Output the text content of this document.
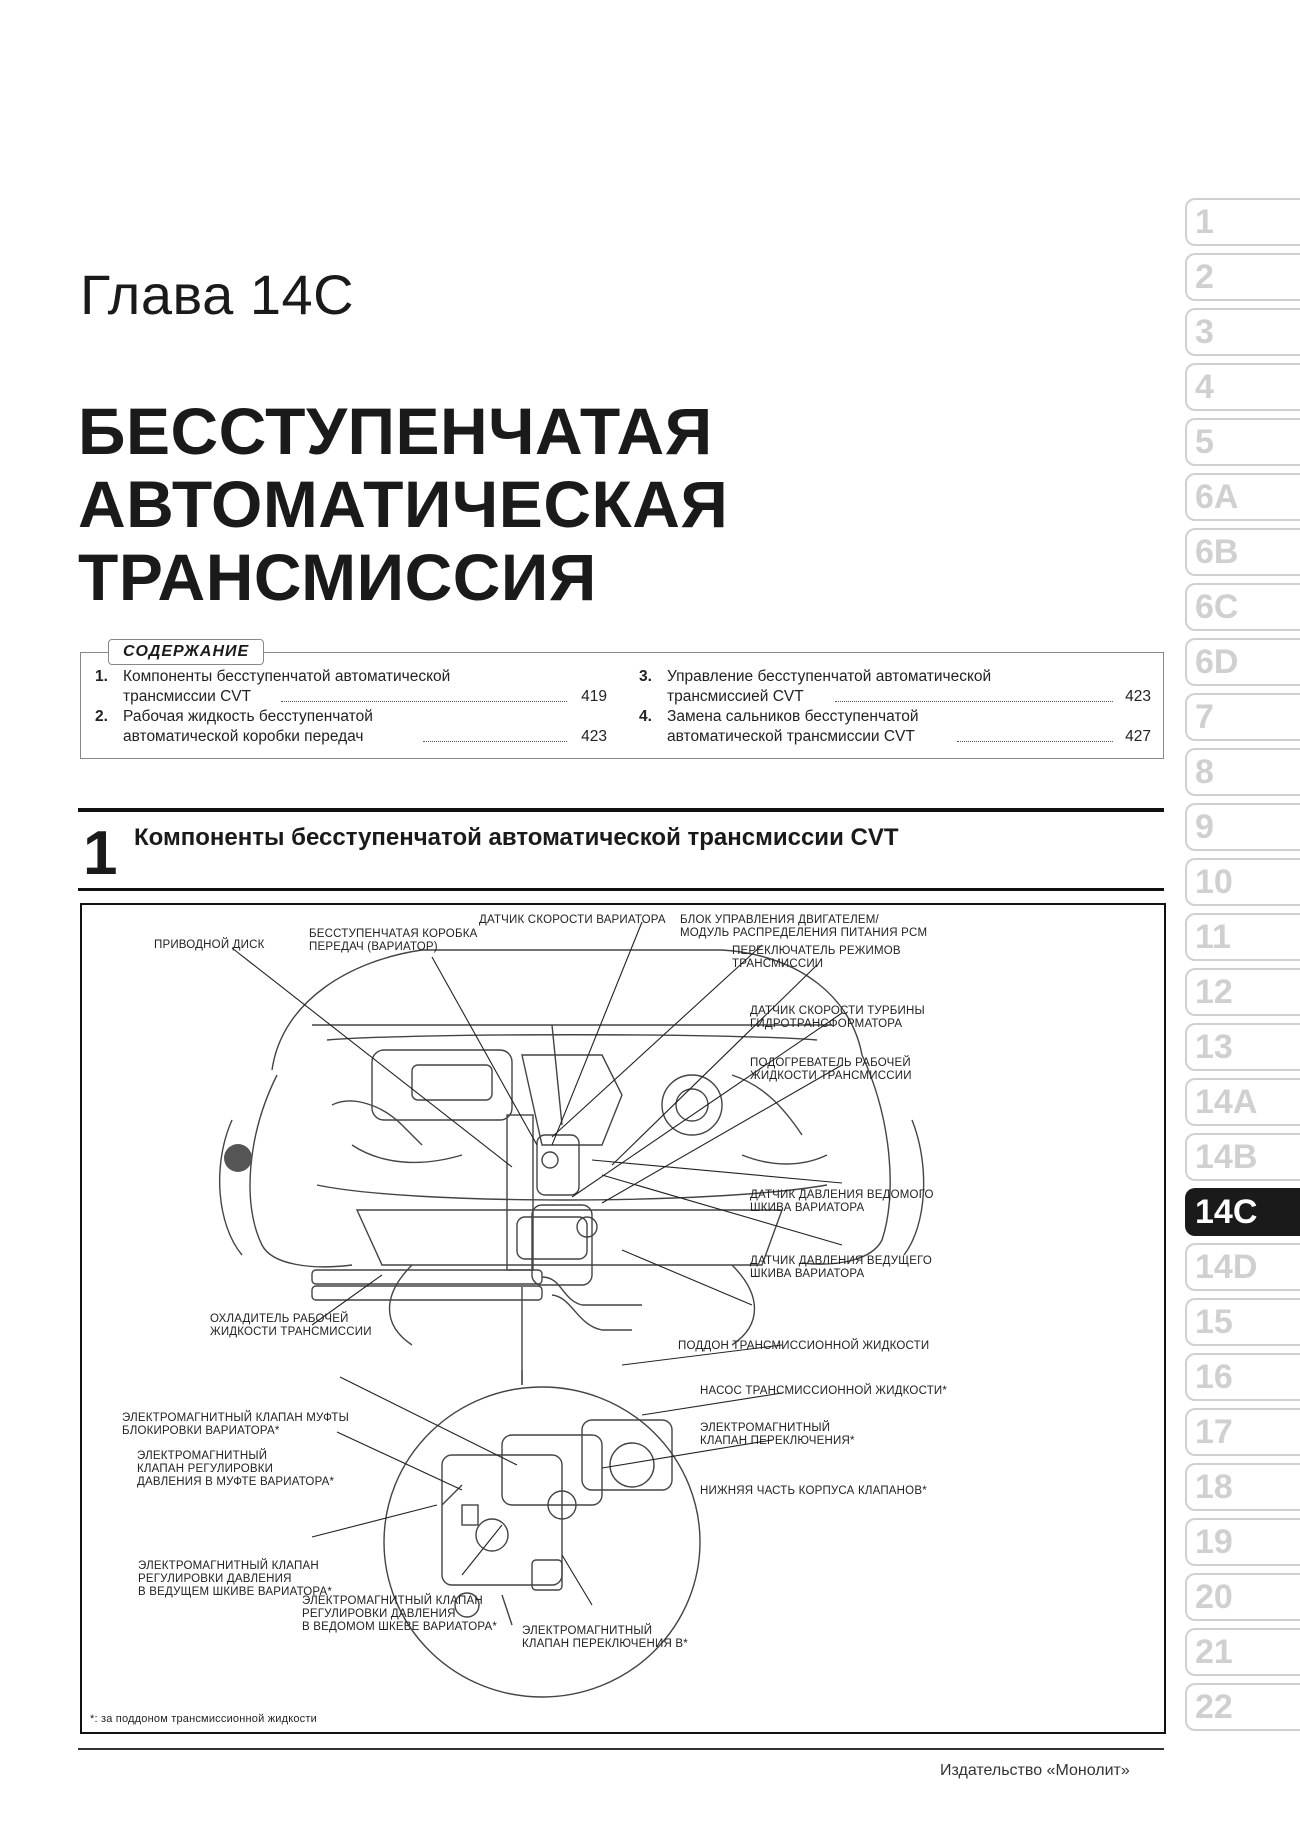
Глава 14C
БЕССТУПЕНЧАТАЯ
АВТОМАТИЧЕСКАЯ
ТРАНСМИССИЯ
1. Компоненты бесступенчатой автоматической
трансмиссии CVT	419
2. Рабочая жидкость бесступенчатой
автоматической коробки передач	423
3. Управление бесступенчатой автоматической
трансмиссией CVT	423
4. Замена сальников бесступенчатой
автоматической трансмиссии CVT	427
СОДЕРЖАНИЕ
1 Компоненты бесступенчатой автоматической трансмиссии CVT
ПРИВОДНОЙ ДИСК
БЕССТУПЕНЧАТАЯ КОРОБКА
ПЕРЕДАЧ (ВАРИАТОР)
ДАТЧИК СКОРОСТИ ВАРИАТОРА БЛОК УПРАВЛЕНИЯ ДВИГАТЕЛЕМ/
МОДУЛЬ РАСПРЕДЕЛЕНИЯ ПИТАНИЯ PCM
ПЕРЕКЛЮЧАТЕЛЬ РЕЖИМОВ
ТРАНСМИССИИ
ДАТЧИК СКОРОСТИ ТУРБИНЫ
ГИДРОТРАНСФОРМАТОРА
ПОДОГРЕВАТЕЛЬ РАБОЧЕЙ
ЖИДКОСТИ ТРАНСМИССИИ
ДАТЧИК ДАВЛЕНИЯ ВЕДОМОГО
ШКИВА ВАРИАТОРА
ДАТЧИК ДАВЛЕНИЯ ВЕДУЩЕГО
ШКИВА ВАРИАТОРА
ОХЛАДИТЕЛЬ РАБОЧЕЙ
ЖИДКОСТИ ТРАНСМИССИИ
ПОДДОН ТРАНСМИССИОННОЙ ЖИДКОСТИ
НАСОС ТРАНСМИССИОННОЙ ЖИДКОСТИ*
ЭЛЕКТРОМАГНИТНЫЙ КЛАПАН МУФТЫ
БЛОКИРОВКИ ВАРИАТОРА*	ЭЛЕКТРОМАГНИТНЫЙ
КЛАПАН ПЕРЕКЛЮЧЕНИЯ*
ЭЛЕКТРОМАГНИТНЫЙ
КЛАПАН РЕГУЛИРОВКИ
ДАВЛЕНИЯ В МУФТЕ ВАРИАТОРА*
НИЖНЯЯ ЧАСТЬ КОРПУСА КЛАПАНОВ*
ЭЛЕКТРОМАГНИТНЫЙ КЛАПАН
РЕГУЛИРОВКИ ДАВЛЕНИЯ
В ВЕДУЩЕМ ШКИВЕ ВАРИАТОРА*
ЭЛЕКТРОМАГНИТНЫЙ КЛАПАН
РЕГУЛИРОВКИ ДАВЛЕНИЯ
В ВЕДОМОМ ШКЕВЕ ВАРИАТОРА* ЭЛЕКТРОМАГНИТНЫЙ
КЛАПАН ПЕРЕКЛЮЧЕНИЯ B*
*: за поддоном трансмиссионной жидкости
Издательство «Монолит»
1
2
3
4
5
6A
6B
6C
6D
7
8
9
10
11
12
13
14A
14B
14C
14D
15
16
17
18
19
20
21
22
